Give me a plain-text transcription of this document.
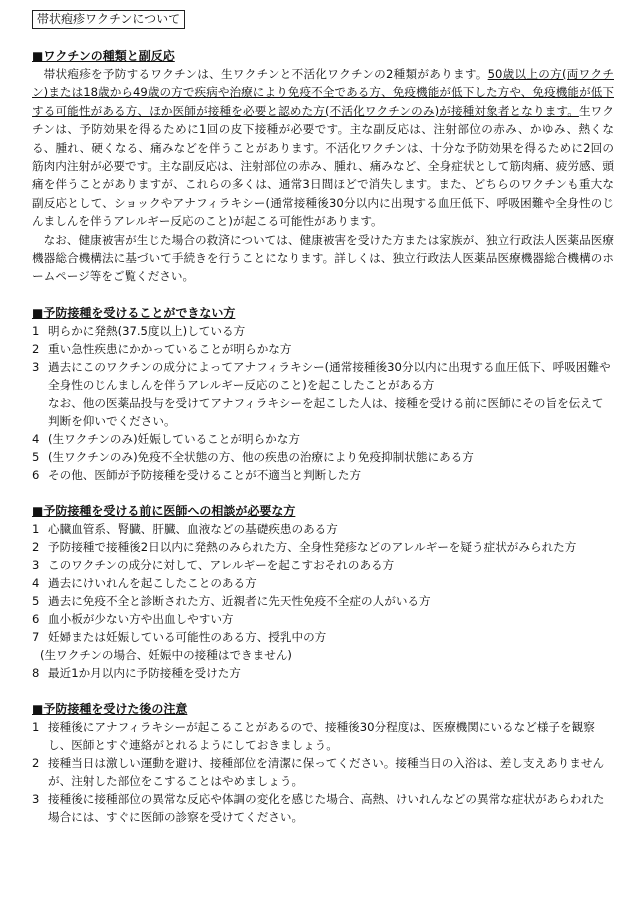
帯状疱疹ワクチンについて
■ワクチンの種類と副反応
帯状疱疹を予防するワクチンは、生ワクチンと不活化ワクチンの2種類があります。50歳以上の方(両ワクチン)または18歳から49歳の方で疾病や治療により免疫不全である方、免疫機能が低下した方や、免疫機能が低下する可能性がある方、ほか医師が接種を必要と認めた方(不活化ワクチンのみ)が接種対象者となります。生ワクチンは、予防効果を得るために1回の皮下接種が必要です。主な副反応は、注射部位の赤み、かゆみ、熱くなる、腫れ、硬くなる、痛みなどを伴うことがあります。不活化ワクチンは、十分な予防効果を得るために2回の筋肉内注射が必要です。主な副反応は、注射部位の赤み、腫れ、痛みなど、全身症状として筋肉痛、疲労感、頭痛を伴うことがありますが、これらの多くは、通常3日間ほどで消失します。また、どちらのワクチンも重大な副反応として、ショックやアナフィラキシー(通常接種後30分以内に出現する血圧低下、呼吸困難や全身性のじんましんを伴うアレルギー反応のこと)が起こる可能性があります。
なお、健康被害が生じた場合の救済については、健康被害を受けた方または家族が、独立行政法人医薬品医療機器総合機構法に基づいて手続きを行うことになります。詳しくは、独立行政法人医薬品医療機器総合機構のホームページ等をご覧ください。
■予防接種を受けることができない方
1 明らかに発熱(37.5度以上)している方
2 重い急性疾患にかかっていることが明らかな方
3 過去にこのワクチンの成分によってアナフィラキシー(通常接種後30分以内に出現する血圧低下、呼吸困難や全身性のじんましんを伴うアレルギー反応のこと)を起こしたことがある方
なお、他の医薬品投与を受けてアナフィラキシーを起こした人は、接種を受ける前に医師にその旨を伝えて判断を仰いでください。
4 (生ワクチンのみ)妊娠していることが明らかな方
5 (生ワクチンのみ)免疫不全状態の方、他の疾患の治療により免疫抑制状態にある方
6 その他、医師が予防接種を受けることが不適当と判断した方
■予防接種を受ける前に医師への相談が必要な方
1 心臓血管系、腎臓、肝臓、血液などの基礎疾患のある方
2 予防接種で接種後2日以内に発熱のみられた方、全身性発疹などのアレルギーを疑う症状がみられた方
3 このワクチンの成分に対して、アレルギーを起こすおそれのある方
4 過去にけいれんを起こしたことのある方
5 過去に免疫不全と診断された方、近親者に先天性免疫不全症の人がいる方
6 血小板が少ない方や出血しやすい方
7 妊婦または妊娠している可能性のある方、授乳中の方
(生ワクチンの場合、妊娠中の接種はできません)
8 最近1か月以内に予防接種を受けた方
■予防接種を受けた後の注意
1 接種後にアナフィラキシーが起こることがあるので、接種後30分程度は、医療機関にいるなど様子を観察し、医師とすぐ連絡がとれるようにしておきましょう。
2 接種当日は激しい運動を避け、接種部位を清潔に保ってください。接種当日の入浴は、差し支えありませんが、注射した部位をこすることはやめましょう。
3 接種後に接種部位の異常な反応や体調の変化を感じた場合、高熱、けいれんなどの異常な症状があらわれた場合には、すぐに医師の診察を受けてください。
